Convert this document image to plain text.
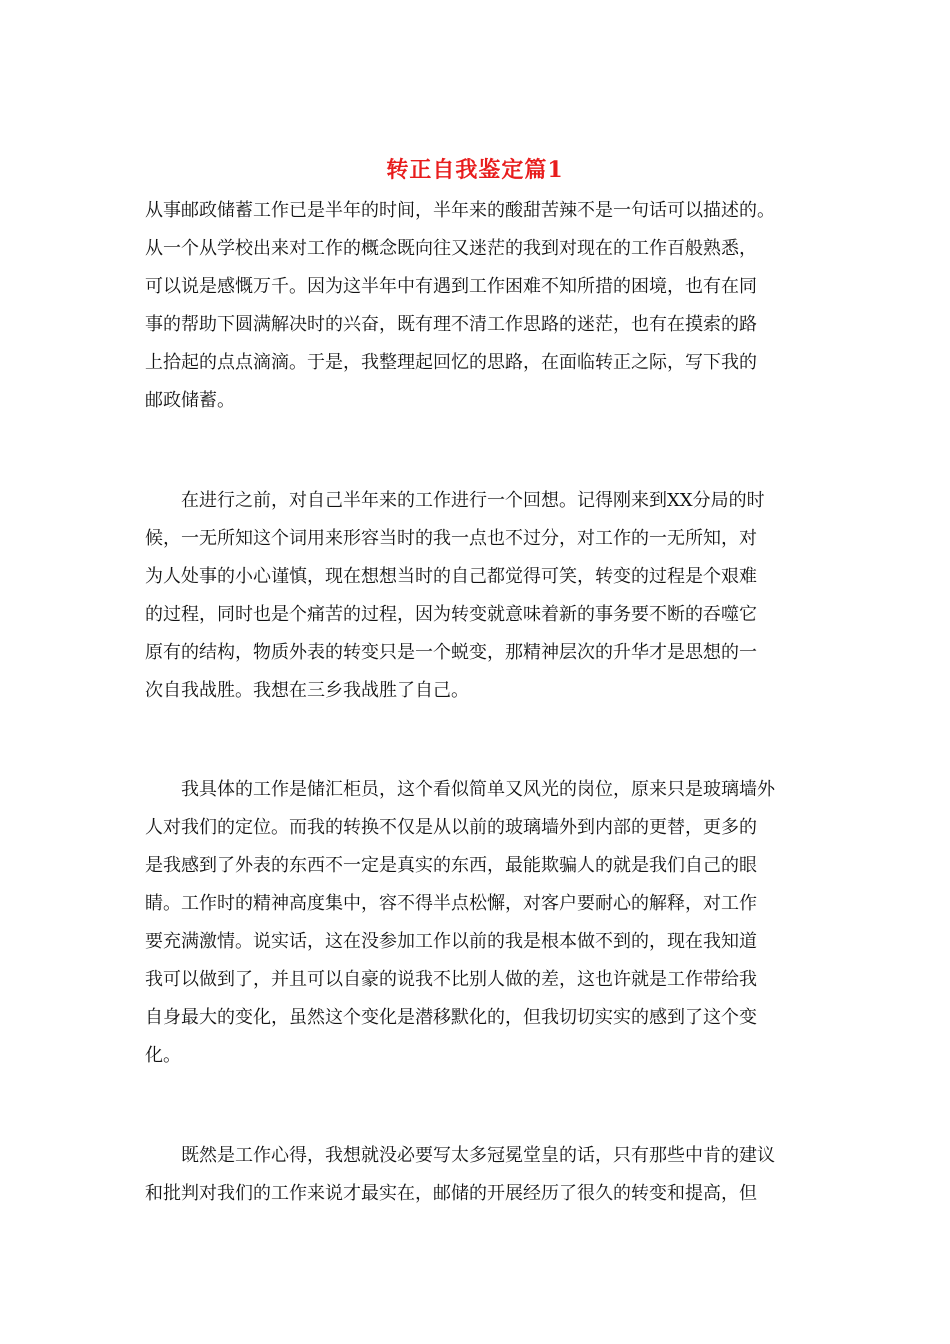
转正自我鉴定篇1
从事邮政储蓄工作已是半年的时间，半年来的酸甜苦辣不是一句话可以描述的。
从一个从学校出来对工作的概念既向往又迷茫的我到对现在的工作百般熟悉，
可以说是感慨万千。因为这半年中有遇到工作困难不知所措的困境，也有在同
事的帮助下圆满解决时的兴奋，既有理不清工作思路的迷茫，也有在摸索的路
上拾起的点点滴滴。于是，我整理起回忆的思路，在面临转正之际，写下我的
邮政储蓄。
　　在进行之前，对自己半年来的工作进行一个回想。记得刚来到XX分局的时
候，一无所知这个词用来形容当时的我一点也不过分，对工作的一无所知，对
为人处事的小心谨慎，现在想想当时的自己都觉得可笑，转变的过程是个艰难
的过程，同时也是个痛苦的过程，因为转变就意味着新的事务要不断的吞噬它
原有的结构，物质外表的转变只是一个蜕变，那精神层次的升华才是思想的一
次自我战胜。我想在三乡我战胜了自己。
　　我具体的工作是储汇柜员，这个看似简单又风光的岗位，原来只是玻璃墙外
人对我们的定位。而我的转换不仅是从以前的玻璃墙外到内部的更替，更多的
是我感到了外表的东西不一定是真实的东西，最能欺骗人的就是我们自己的眼
睛。工作时的精神高度集中，容不得半点松懈，对客户要耐心的解释，对工作
要充满激情。说实话，这在没参加工作以前的我是根本做不到的，现在我知道
我可以做到了，并且可以自豪的说我不比别人做的差，这也许就是工作带给我
自身最大的变化，虽然这个变化是潜移默化的，但我切切实实的感到了这个变
化。
　　既然是工作心得，我想就没必要写太多冠冕堂皇的话，只有那些中肯的建议
和批判对我们的工作来说才最实在，邮储的开展经历了很久的转变和提高，但
